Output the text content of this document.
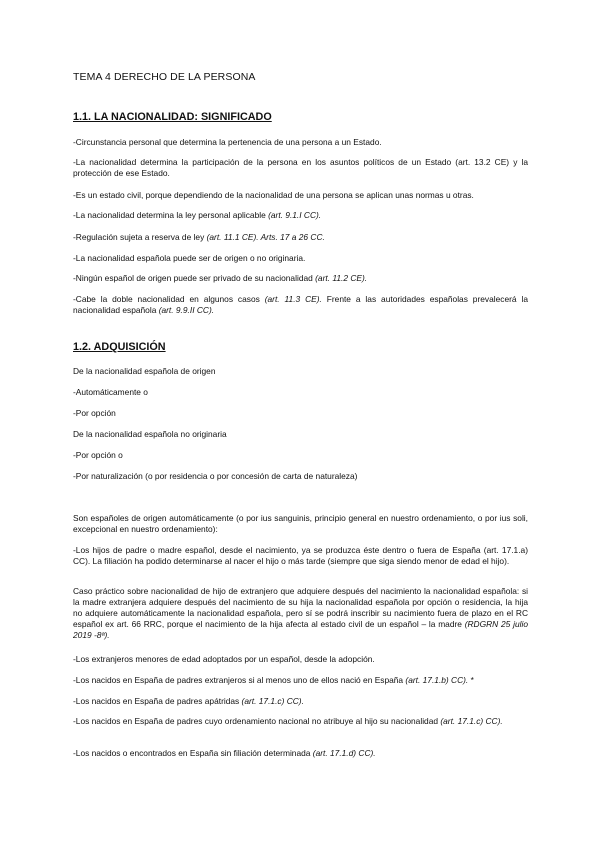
TEMA 4 DERECHO DE LA PERSONA

1.1. LA NACIONALIDAD: SIGNIFICADO

-Circunstancia personal que determina la pertenencia de una persona a un Estado.

-La nacionalidad determina la participación de la persona en los asuntos políticos de un Estado (art. 13.2 CE) y la protección de ese Estado.

-Es un estado civil, porque dependiendo de la nacionalidad de una persona se aplican unas normas u otras.

-La nacionalidad determina la ley personal aplicable (art. 9.1.I CC).

-Regulación sujeta a reserva de ley (art. 11.1 CE). Arts. 17 a 26 CC.

-La nacionalidad española puede ser de origen o no originaria.

-Ningún español de origen puede ser privado de su nacionalidad (art. 11.2 CE).

-Cabe la doble nacionalidad en algunos casos (art. 11.3 CE). Frente a las autoridades españolas prevalecerá la nacionalidad española (art. 9.9.II CC).

1.2. ADQUISICIÓN

De la nacionalidad española de origen

-Automáticamente o

-Por opción

De la nacionalidad española no originaria

-Por opción o

-Por naturalización (o por residencia o por concesión de carta de naturaleza)

Son españoles de origen automáticamente (o por ius sanguinis, principio general en nuestro ordenamiento, o por ius soli, excepcional en nuestro ordenamiento):

-Los hijos de padre o madre español, desde el nacimiento, ya se produzca éste dentro o fuera de España (art. 17.1.a) CC). La filiación ha podido determinarse al nacer el hijo o más tarde (siempre que siga siendo menor de edad el hijo).

Caso práctico sobre nacionalidad de hijo de extranjero que adquiere después del nacimiento la nacionalidad española: si la madre extranjera adquiere después del nacimiento de su hija la nacionalidad española por opción o residencia, la hija no adquiere automáticamente la nacionalidad española, pero sí se podrá inscribir su nacimiento fuera de plazo en el RC español ex art. 66 RRC, porque el nacimiento de la hija afecta al estado civil de un español – la madre (RDGRN 25 julio 2019 -8ª).

-Los extranjeros menores de edad adoptados por un español, desde la adopción.

-Los nacidos en España de padres extranjeros si al menos uno de ellos nació en España (art. 17.1.b) CC). *

-Los nacidos en España de padres apátridas (art. 17.1.c) CC).

-Los nacidos en España de padres cuyo ordenamiento nacional no atribuye al hijo su nacionalidad (art. 17.1.c) CC).

-Los nacidos o encontrados en España sin filiación determinada (art. 17.1.d) CC).
